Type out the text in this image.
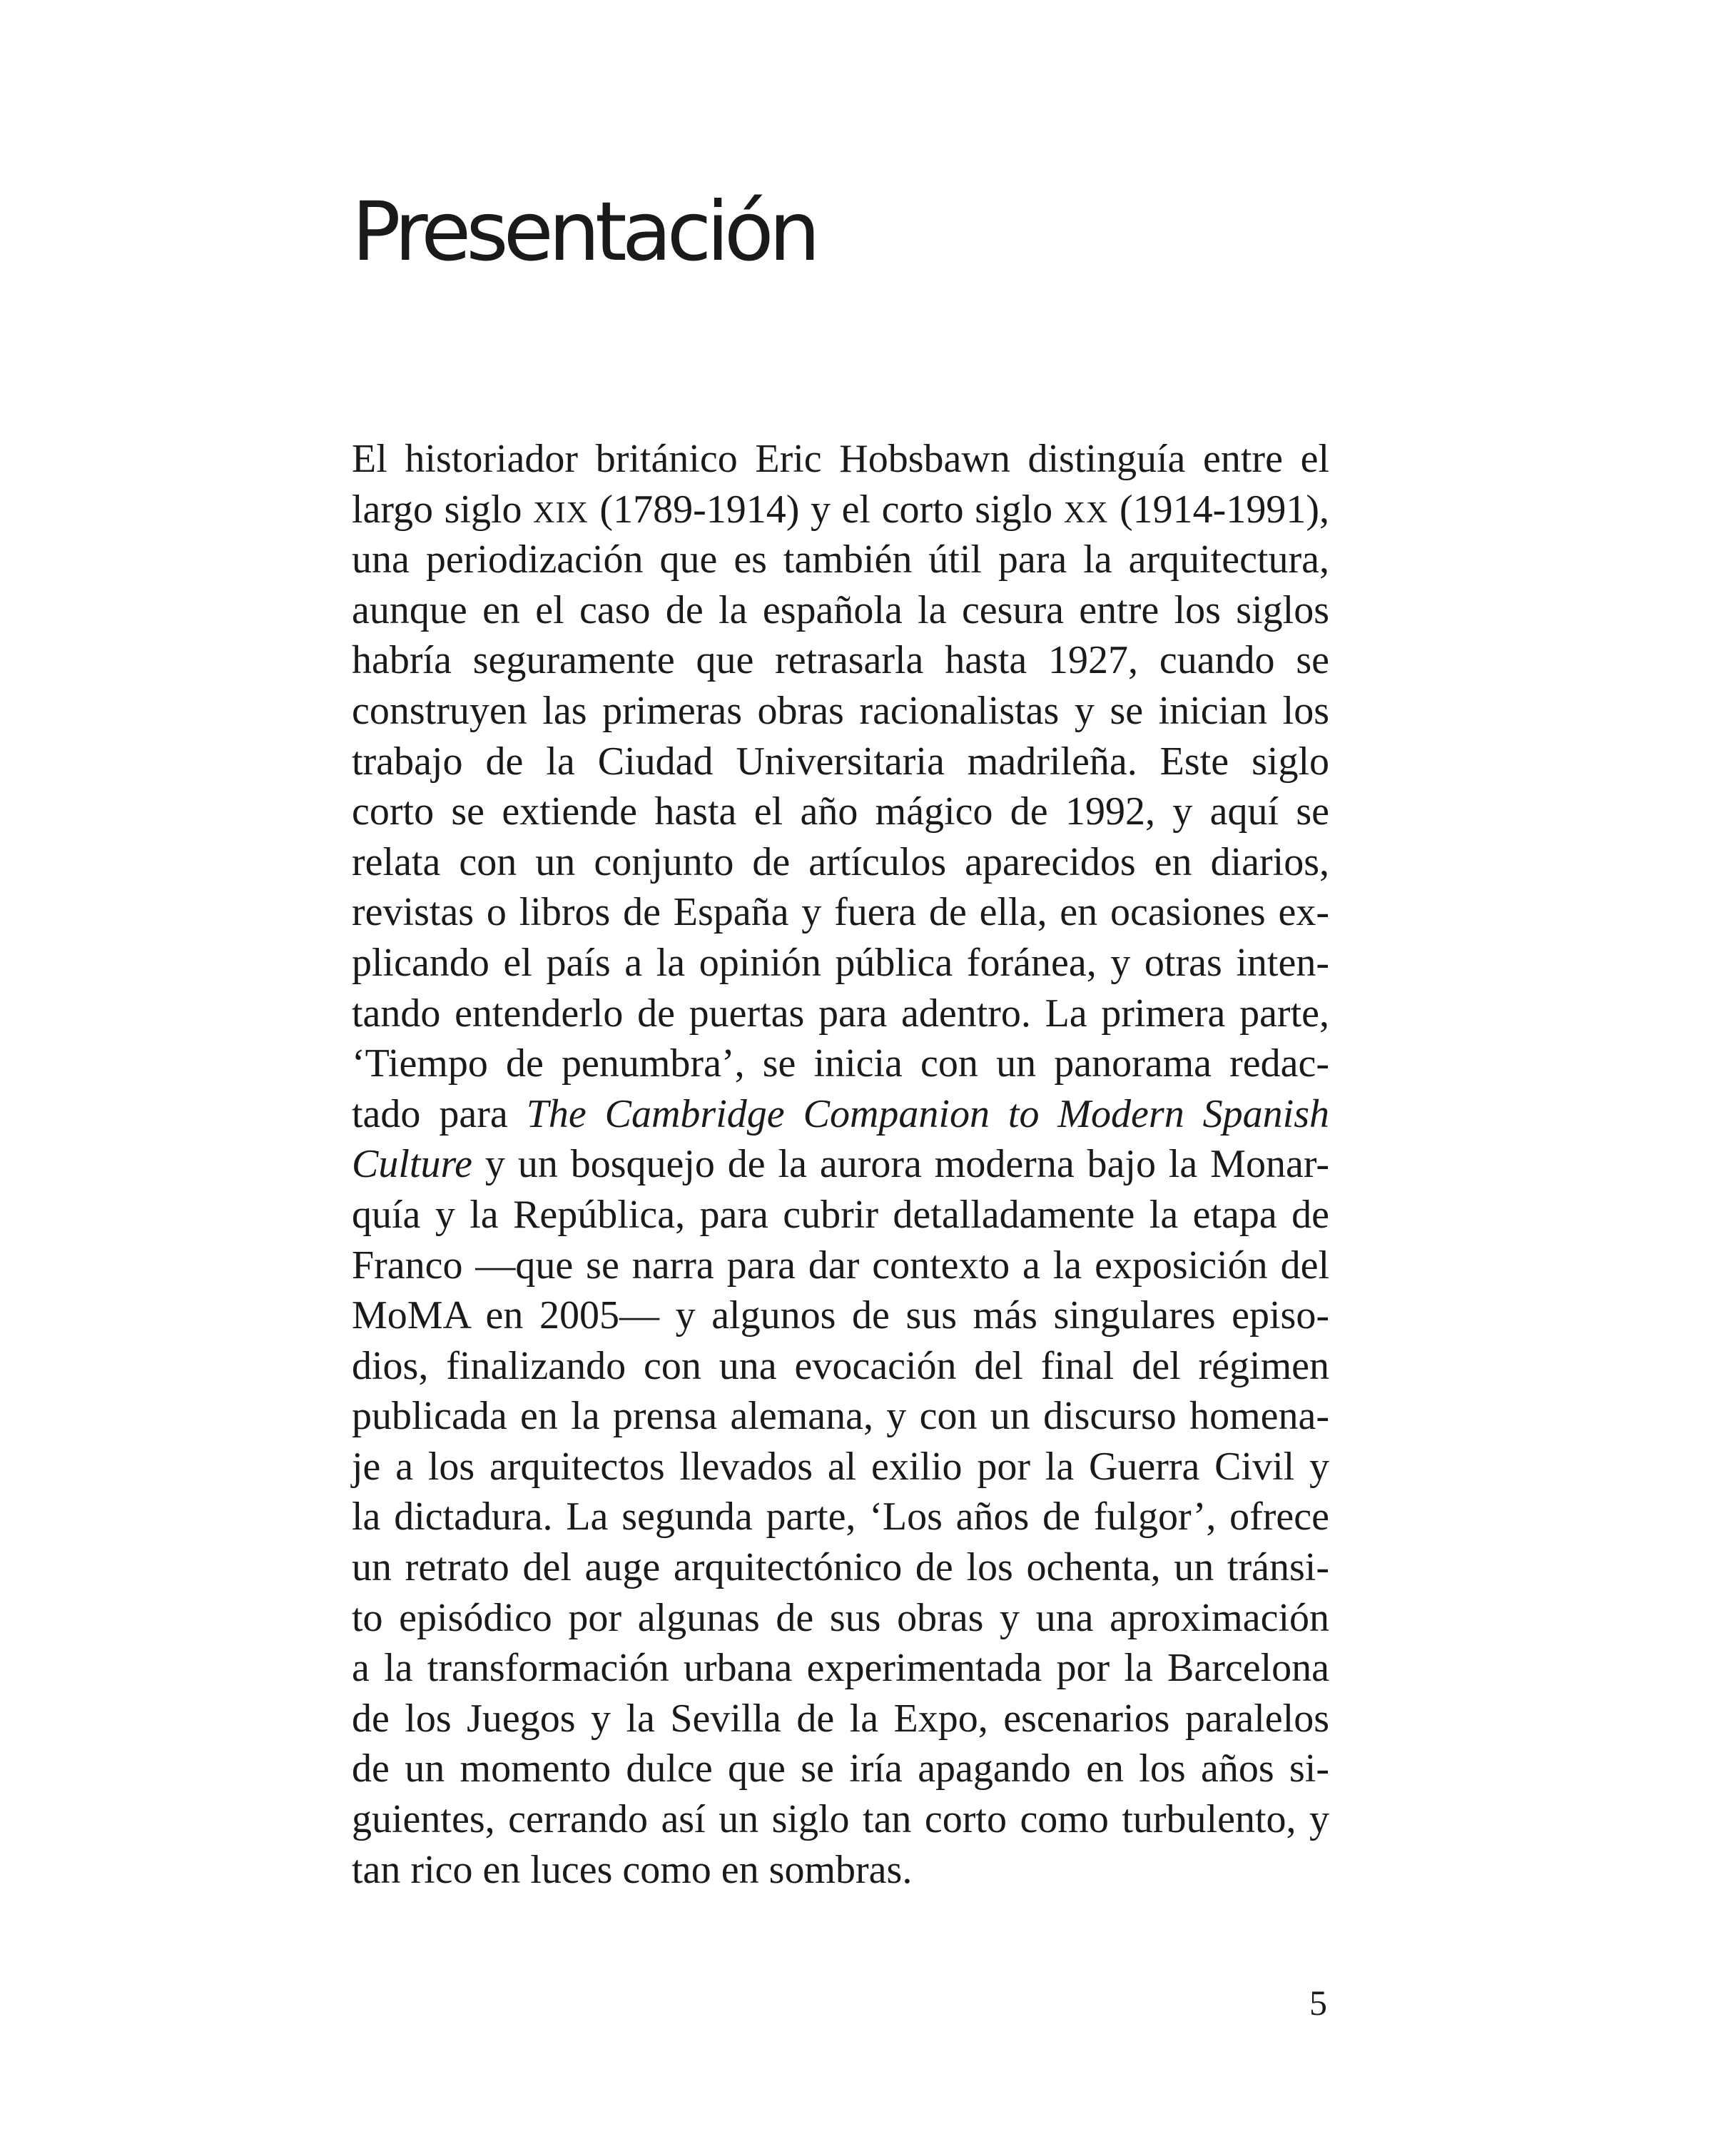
Presentación
El historiador británico Eric Hobsbawn distinguía entre el
largo siglo XIX (1789-1914) y el corto siglo XX (1914-1991),
una periodización que es también útil para la arquitectura,
aunque en el caso de la española la cesura entre los siglos
habría seguramente que retrasarla hasta 1927, cuando se
construyen las primeras obras racionalistas y se inician los
trabajo de la Ciudad Universitaria madrileña. Este siglo
corto se extiende hasta el año mágico de 1992, y aquí se
relata con un conjunto de artículos aparecidos en diarios,
revistas o libros de España y fuera de ella, en ocasiones ex-
plicando el país a la opinión pública foránea, y otras inten-
tando entenderlo de puertas para adentro. La primera parte,
‘Tiempo de penumbra’, se inicia con un panorama redac-
tado para The Cambridge Companion to Modern Spanish
Culture y un bosquejo de la aurora moderna bajo la Monar-
quía y la República, para cubrir detalladamente la etapa de
Franco —que se narra para dar contexto a la exposición del
MoMA en 2005— y algunos de sus más singulares episo-
dios, finalizando con una evocación del final del régimen
publicada en la prensa alemana, y con un discurso homena-
je a los arquitectos llevados al exilio por la Guerra Civil y
la dictadura. La segunda parte, ‘Los años de fulgor’, ofrece
un retrato del auge arquitectónico de los ochenta, un tránsi-
to episódico por algunas de sus obras y una aproximación
a la transformación urbana experimentada por la Barcelona
de los Juegos y la Sevilla de la Expo, escenarios paralelos
de un momento dulce que se iría apagando en los años si-
guientes, cerrando así un siglo tan corto como turbulento, y
tan rico en luces como en sombras.
5
